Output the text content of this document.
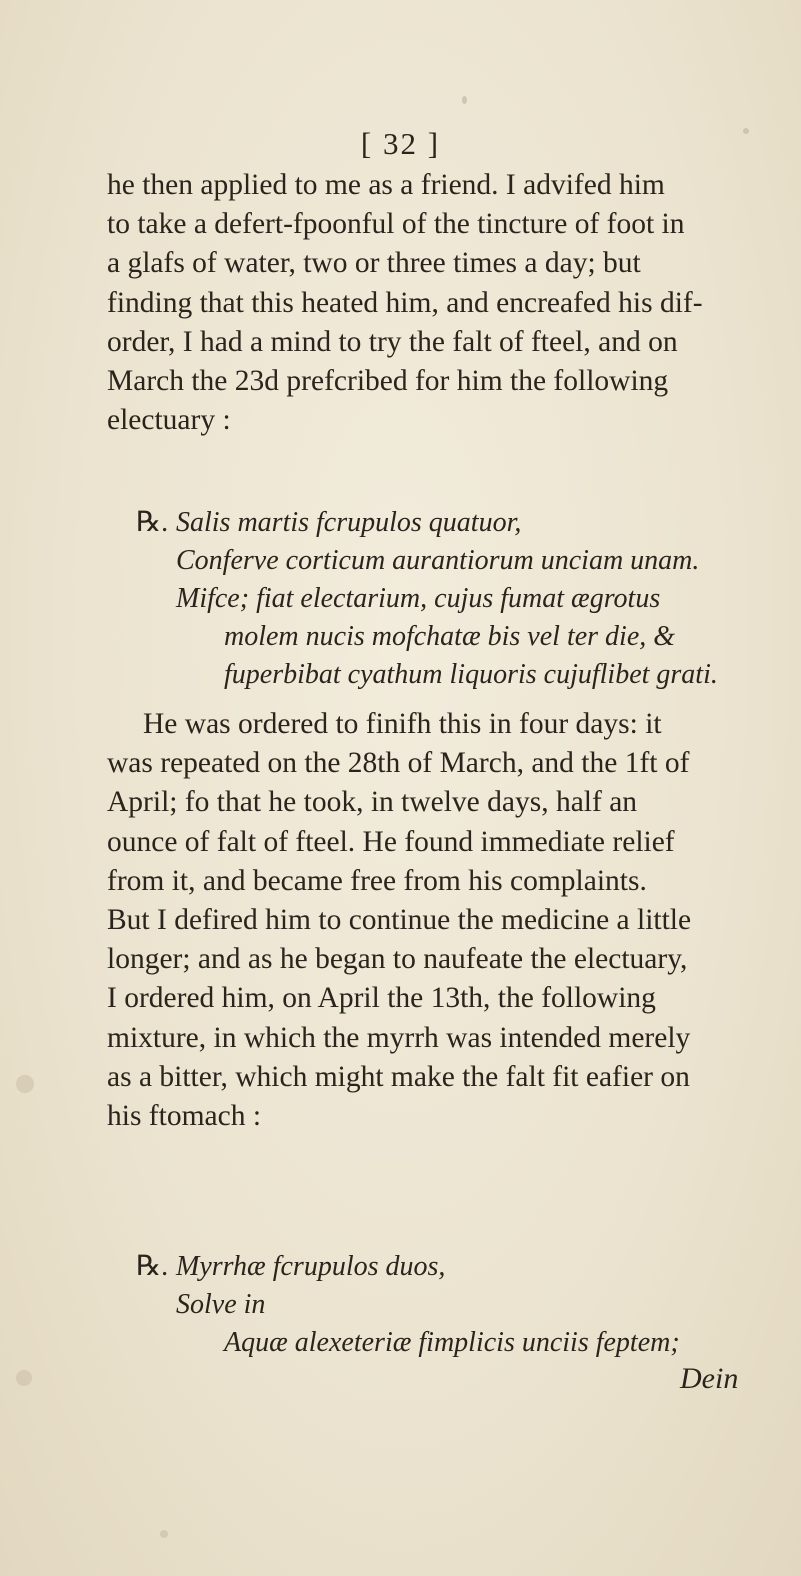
[ 32 ]
he then applied to me as a friend. I advifed him
to take a defert-fpoonful of the tincture of foot in
a glafs of water, two or three times a day; but
finding that this heated him, and encreafed his dif-
order, I had a mind to try the falt of fteel, and on
March the 23d prefcribed for him the following
electuary :
℞. Salis martis fcrupulos quatuor,
Conferve corticum aurantiorum unciam unam.
Mifce; fiat electarium, cujus fumat ægrotus
molem nucis mofchatæ bis vel ter die, &
fuperbibat cyathum liquoris cujuflibet grati.
He was ordered to finifh this in four days: it
was repeated on the 28th of March, and the 1ft of
April; fo that he took, in twelve days, half an
ounce of falt of fteel. He found immediate relief
from it, and became free from his complaints.
But I defired him to continue the medicine a little
longer; and as he began to naufeate the electuary,
I ordered him, on April the 13th, the following
mixture, in which the myrrh was intended merely
as a bitter, which might make the falt fit eafier on
his ftomach :
℞. Myrrhæ fcrupulos duos,
Solve in
Aquæ alexeteriæ fimplicis unciis feptem;
Dein
